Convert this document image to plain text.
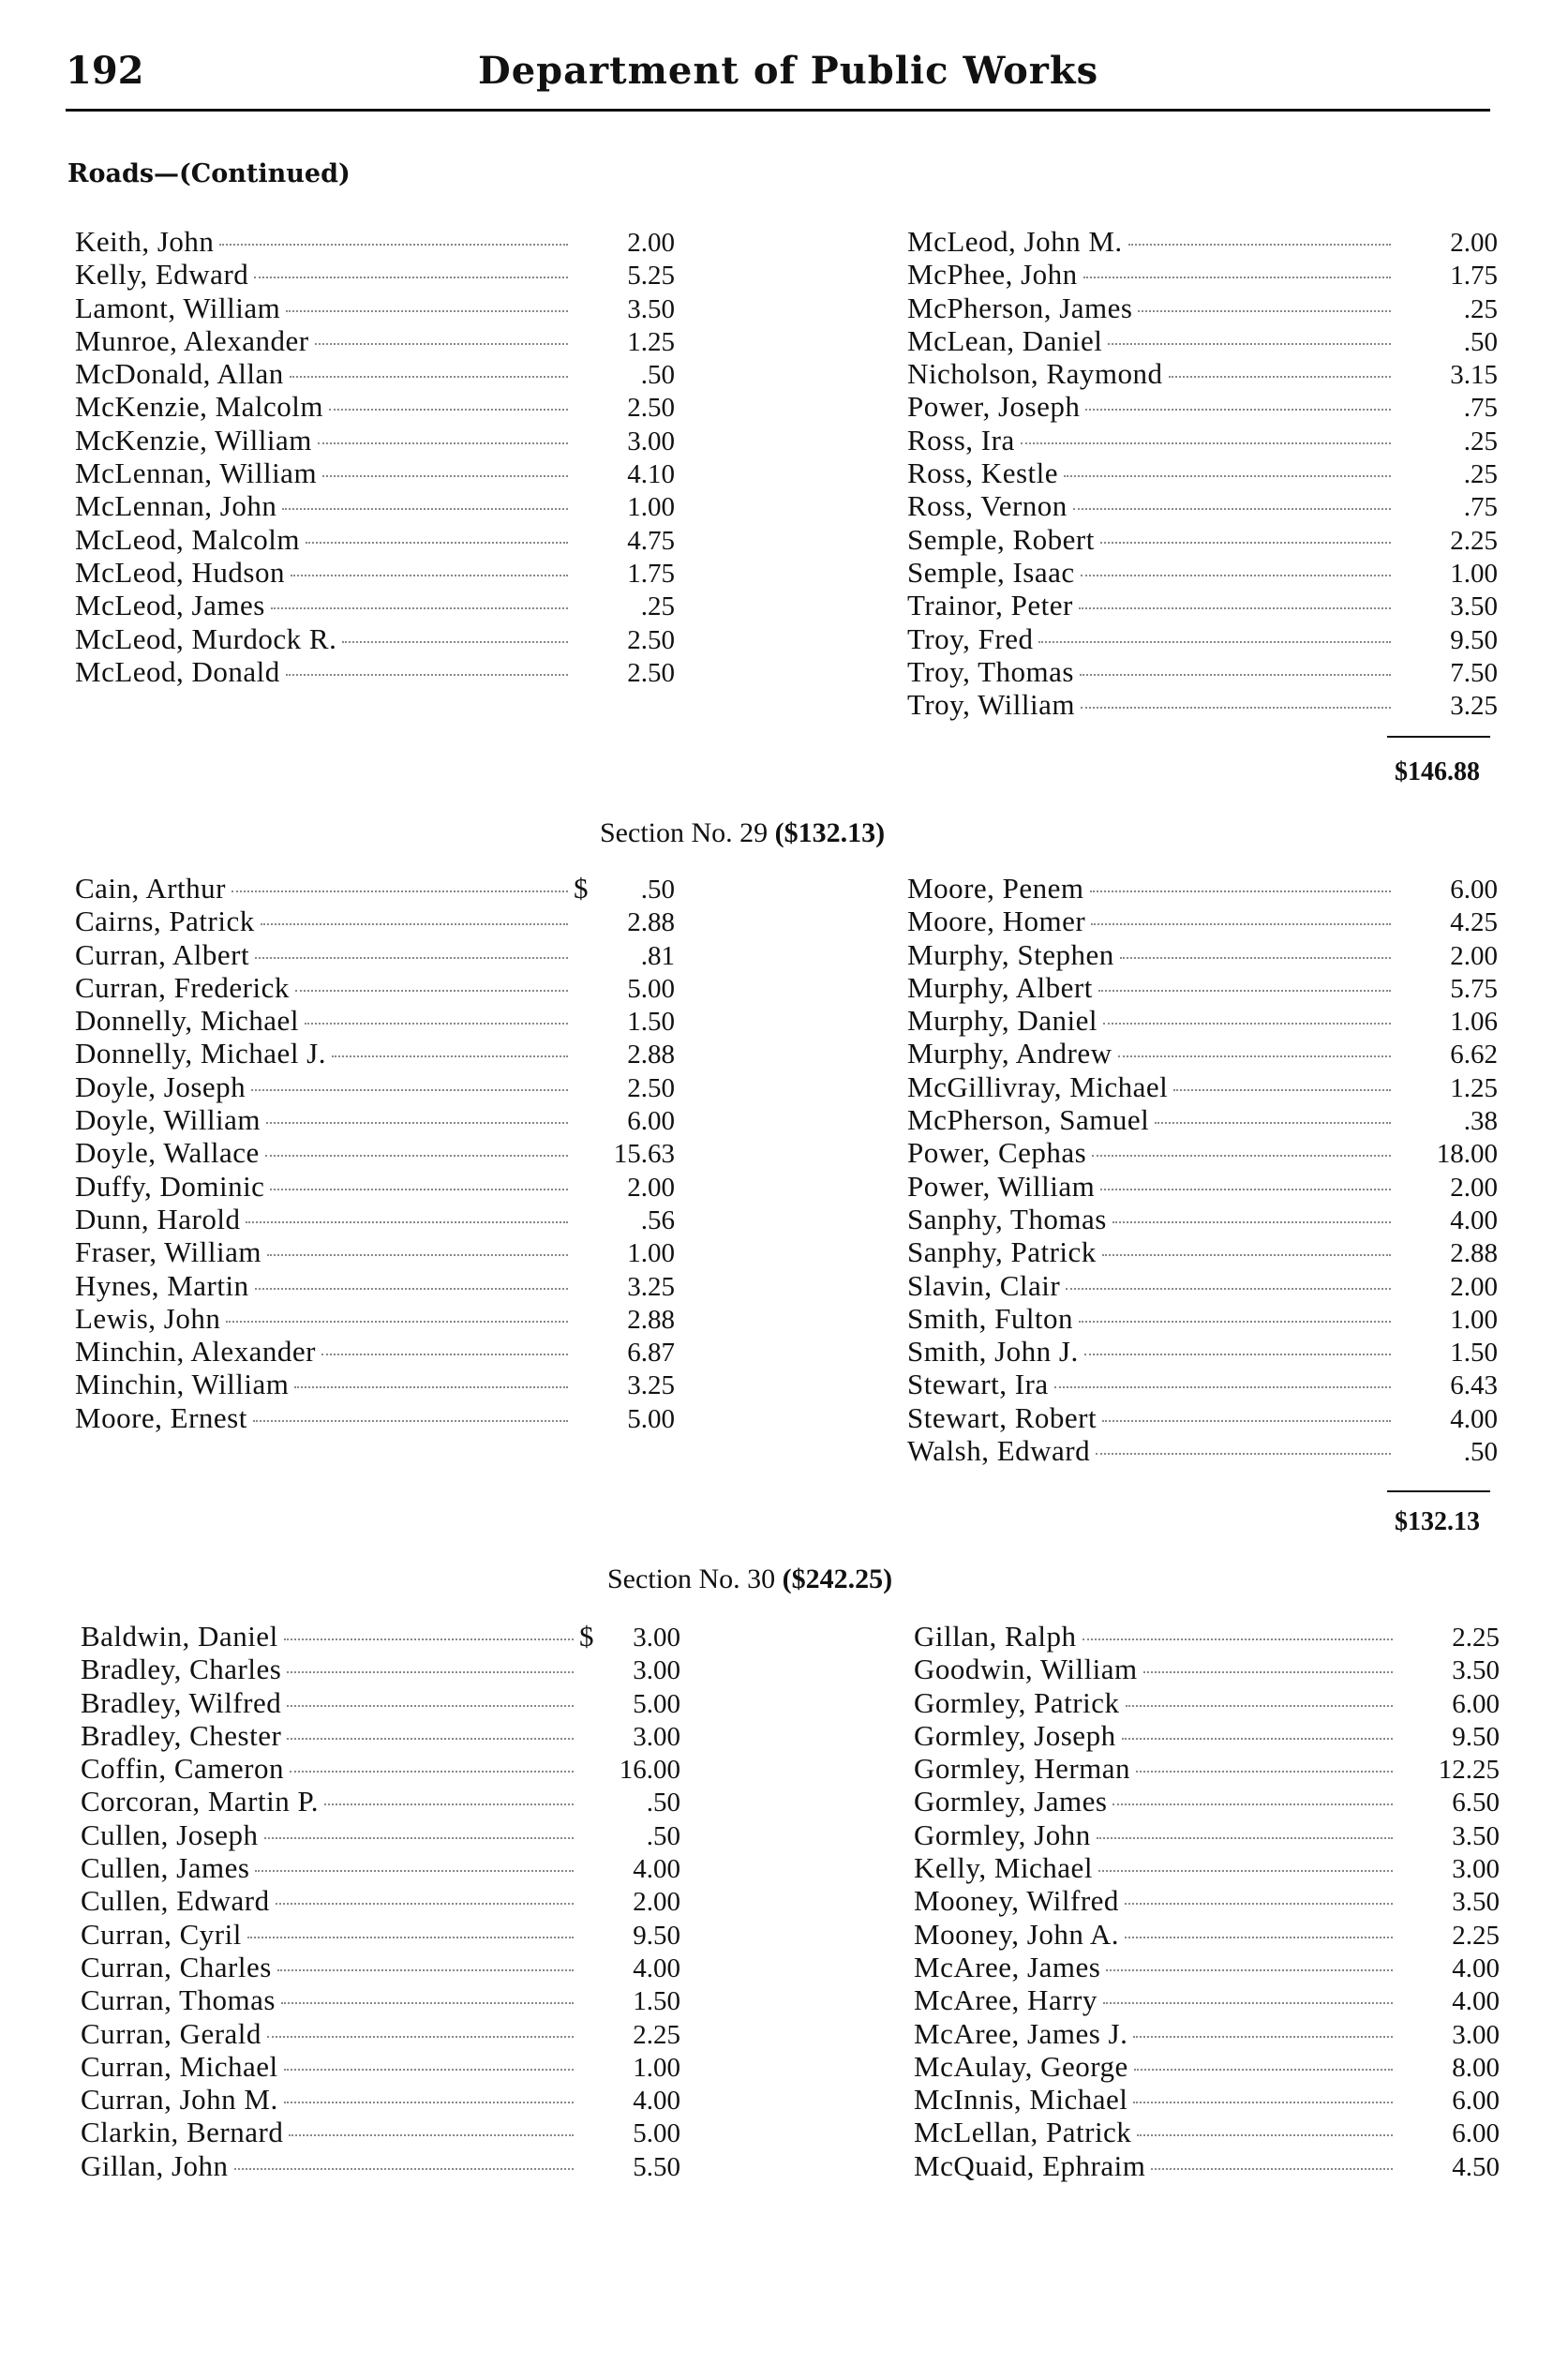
192	Department of Public Works
Roads—(Continued)
Keith, John	2.00
Kelly, Edward	5.25
Lamont, William	3.50
Munroe, Alexander	1.25
McDonald, Allan	.50
McKenzie, Malcolm	2.50
McKenzie, William	3.00
McLennan, William	4.10
McLennan, John	1.00
McLeod, Malcolm	4.75
McLeod, Hudson	1.75
McLeod, James	.25
McLeod, Murdock R.	2.50
McLeod, Donald	2.50
McLeod, John M.	2.00
McPhee, John	1.75
McPherson, James	.25
McLean, Daniel	.50
Nicholson, Raymond	3.15
Power, Joseph	.75
Ross, Ira	.25
Ross, Kestle	.25
Ross, Vernon	.75
Semple, Robert	2.25
Semple, Isaac	1.00
Trainor, Peter	3.50
Troy, Fred	9.50
Troy, Thomas	7.50
Troy, William	3.25
$146.88
Section No. 29 ($132.13)
Cain, Arthur	$	.50
Cairns, Patrick	2.88
Curran, Albert	.81
Curran, Frederick	5.00
Donnelly, Michael	1.50
Donnelly, Michael J.	2.88
Doyle, Joseph	2.50
Doyle, William	6.00
Doyle, Wallace	15.63
Duffy, Dominic	2.00
Dunn, Harold	.56
Fraser, William	1.00
Hynes, Martin	3.25
Lewis, John	2.88
Minchin, Alexander	6.87
Minchin, William	3.25
Moore, Ernest	5.00
Moore, Penem	6.00
Moore, Homer	4.25
Murphy, Stephen	2.00
Murphy, Albert	5.75
Murphy, Daniel	1.06
Murphy, Andrew	6.62
McGillivray, Michael	1.25
McPherson, Samuel	.38
Power, Cephas	18.00
Power, William	2.00
Sanphy, Thomas	4.00
Sanphy, Patrick	2.88
Slavin, Clair	2.00
Smith, Fulton	1.00
Smith, John J.	1.50
Stewart, Ira	6.43
Stewart, Robert	4.00
Walsh, Edward	.50
$132.13
Section No. 30 ($242.25)
Baldwin, Daniel	$	3.00
Bradley, Charles	3.00
Bradley, Wilfred	5.00
Bradley, Chester	3.00
Coffin, Cameron	16.00
Corcoran, Martin P.	.50
Cullen, Joseph	.50
Cullen, James	4.00
Cullen, Edward	2.00
Curran, Cyril	9.50
Curran, Charles	4.00
Curran, Thomas	1.50
Curran, Gerald	2.25
Curran, Michael	1.00
Curran, John M.	4.00
Clarkin, Bernard	5.00
Gillan, John	5.50
Gillan, Ralph	2.25
Goodwin, William	3.50
Gormley, Patrick	6.00
Gormley, Joseph	9.50
Gormley, Herman	12.25
Gormley, James	6.50
Gormley, John	3.50
Kelly, Michael	3.00
Mooney, Wilfred	3.50
Mooney, John A.	2.25
McAree, James	4.00
McAree, Harry	4.00
McAree, James J.	3.00
McAulay, George	8.00
McInnis, Michael	6.00
McLellan, Patrick	6.00
McQuaid, Ephraim	4.50
